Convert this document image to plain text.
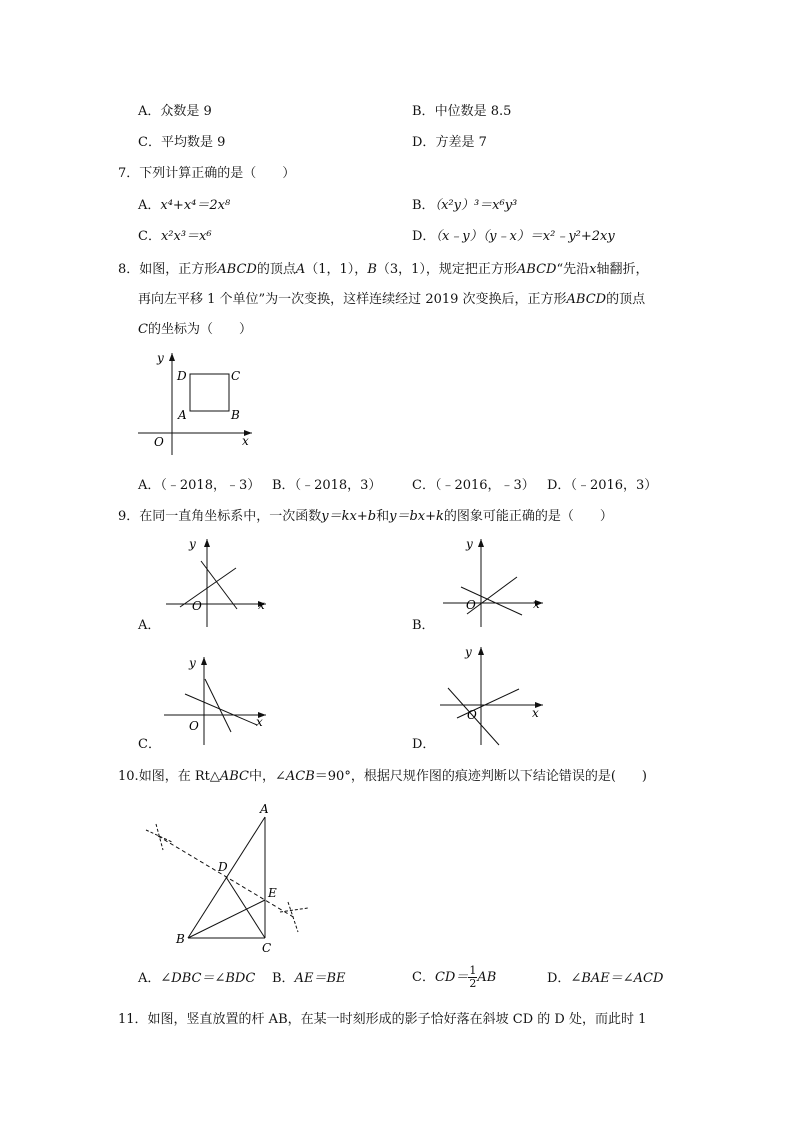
A．众数是 9	B．中位数是 8.5
C．平均数是 9	D．方差是 7
7．下列计算正确的是（　　）
A．x⁴+x⁴＝2x⁸	B．（x²y）³＝x⁶y³
C．x²x³＝x⁶	D．（x﹣y）（y﹣x）＝x²﹣y²+2xy
8．如图，正方形ABCD的顶点A（1，1），B（3，1），规定把正方形ABCD“先沿x轴翻折，
再向左平移 1 个单位”为一次变换，这样连续经过 2019 次变换后，正方形ABCD的顶点
C的坐标为（　　）
y
x
O
A	B
C
D
A．（﹣2018，﹣3） B．（﹣2018，3） C．（﹣2016，﹣3） D．（﹣2016，3）
9．在同一直角坐标系中，一次函数y＝kx+b和y＝bx+k的图象可能正确的是（　　）
y
x
O
A．
y
x
O
B．
y
x
O
C．
y
x
O
D．
10.如图，在 Rt△ABC中，∠ACB＝90°，根据尺规作图的痕迹判断以下结论错误的是(　　)
A
B
C
D
E
A．∠DBC＝∠BDC B．AE＝BE	C．$CD= \frac{1}{2}$ AB	D．∠BAE＝∠ACD
11．如图，竖直放置的杆 AB，在某一时刻形成的影子恰好落在斜坡 CD 的 D 处，而此时 1
